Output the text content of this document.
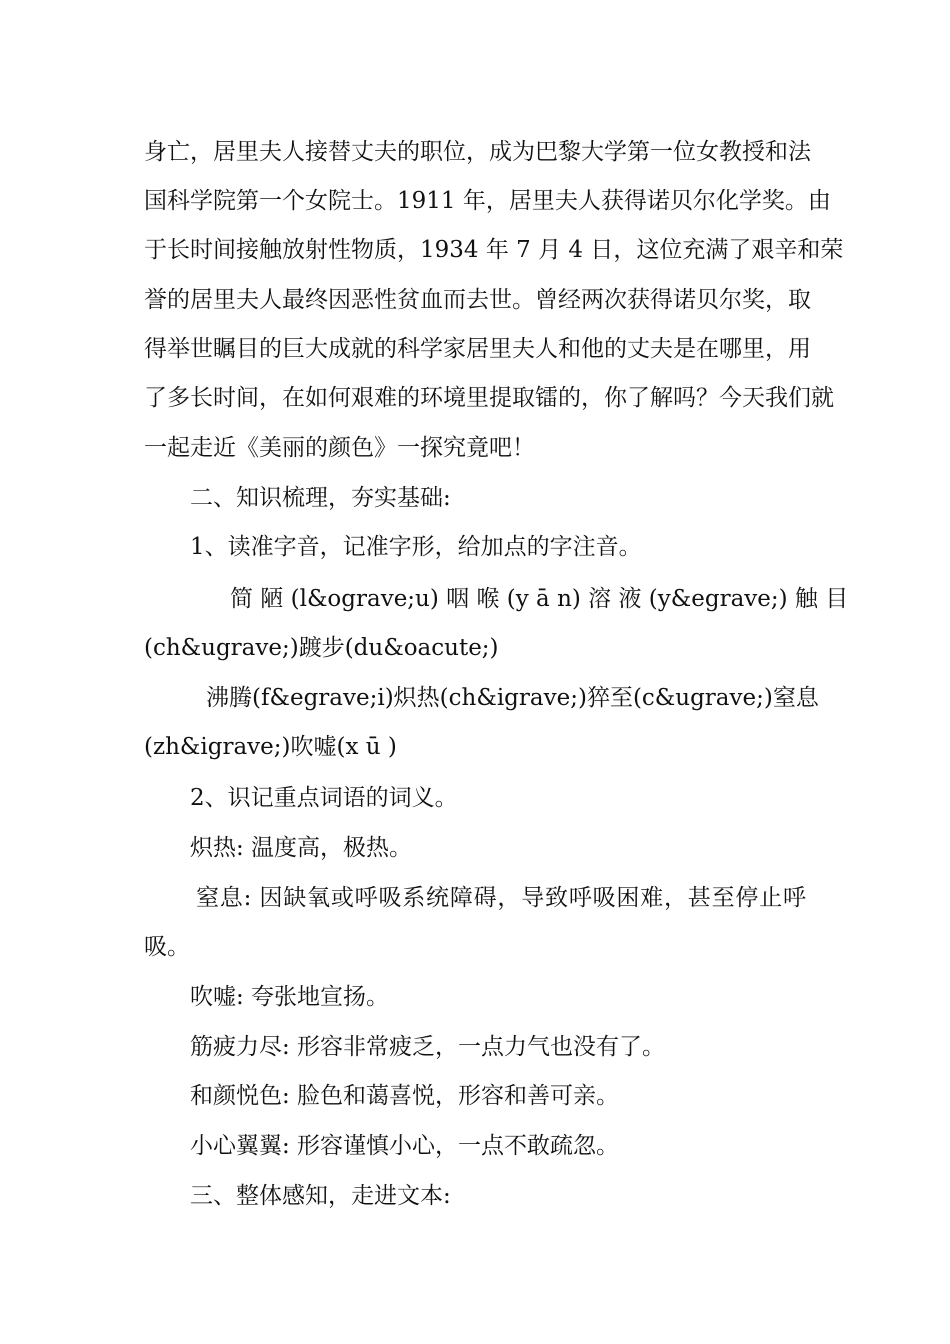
身亡，居里夫人接替丈夫的职位，成为巴黎大学第一位女教授和法
国科学院第一个女院士。1911 年，居里夫人获得诺贝尔化学奖。由
于长时间接触放射性物质，1934 年 7 月 4 日，这位充满了艰辛和荣
誉的居里夫人最终因恶性贫血而去世。曾经两次获得诺贝尔奖，取
得举世瞩目的巨大成就的科学家居里夫人和他的丈夫是在哪里，用
了多长时间，在如何艰难的环境里提取镭的，你了解吗？今天我们就
一起走近《美丽的颜色》一探究竟吧！
二、知识梳理，夯实基础:
1、读准字音，记准字形，给加点的字注音。
简 陋 (l&ograve;u) 咽 喉 (y ā n) 溶 液 (y&egrave;) 触 目
(ch&ugrave;)踱步(du&oacute;)
沸腾(f&egrave;i)炽热(ch&igrave;)猝至(c&ugrave;)窒息
(zh&igrave;)吹嘘(x ū )
2、识记重点词语的词义。
炽热: 温度高，极热。
窒息: 因缺氧或呼吸系统障碍，导致呼吸困难，甚至停止呼
吸。
吹嘘: 夸张地宣扬。
筋疲力尽: 形容非常疲乏，一点力气也没有了。
和颜悦色: 脸色和蔼喜悦，形容和善可亲。
小心翼翼: 形容谨慎小心，一点不敢疏忽。
三、整体感知，走进文本:
